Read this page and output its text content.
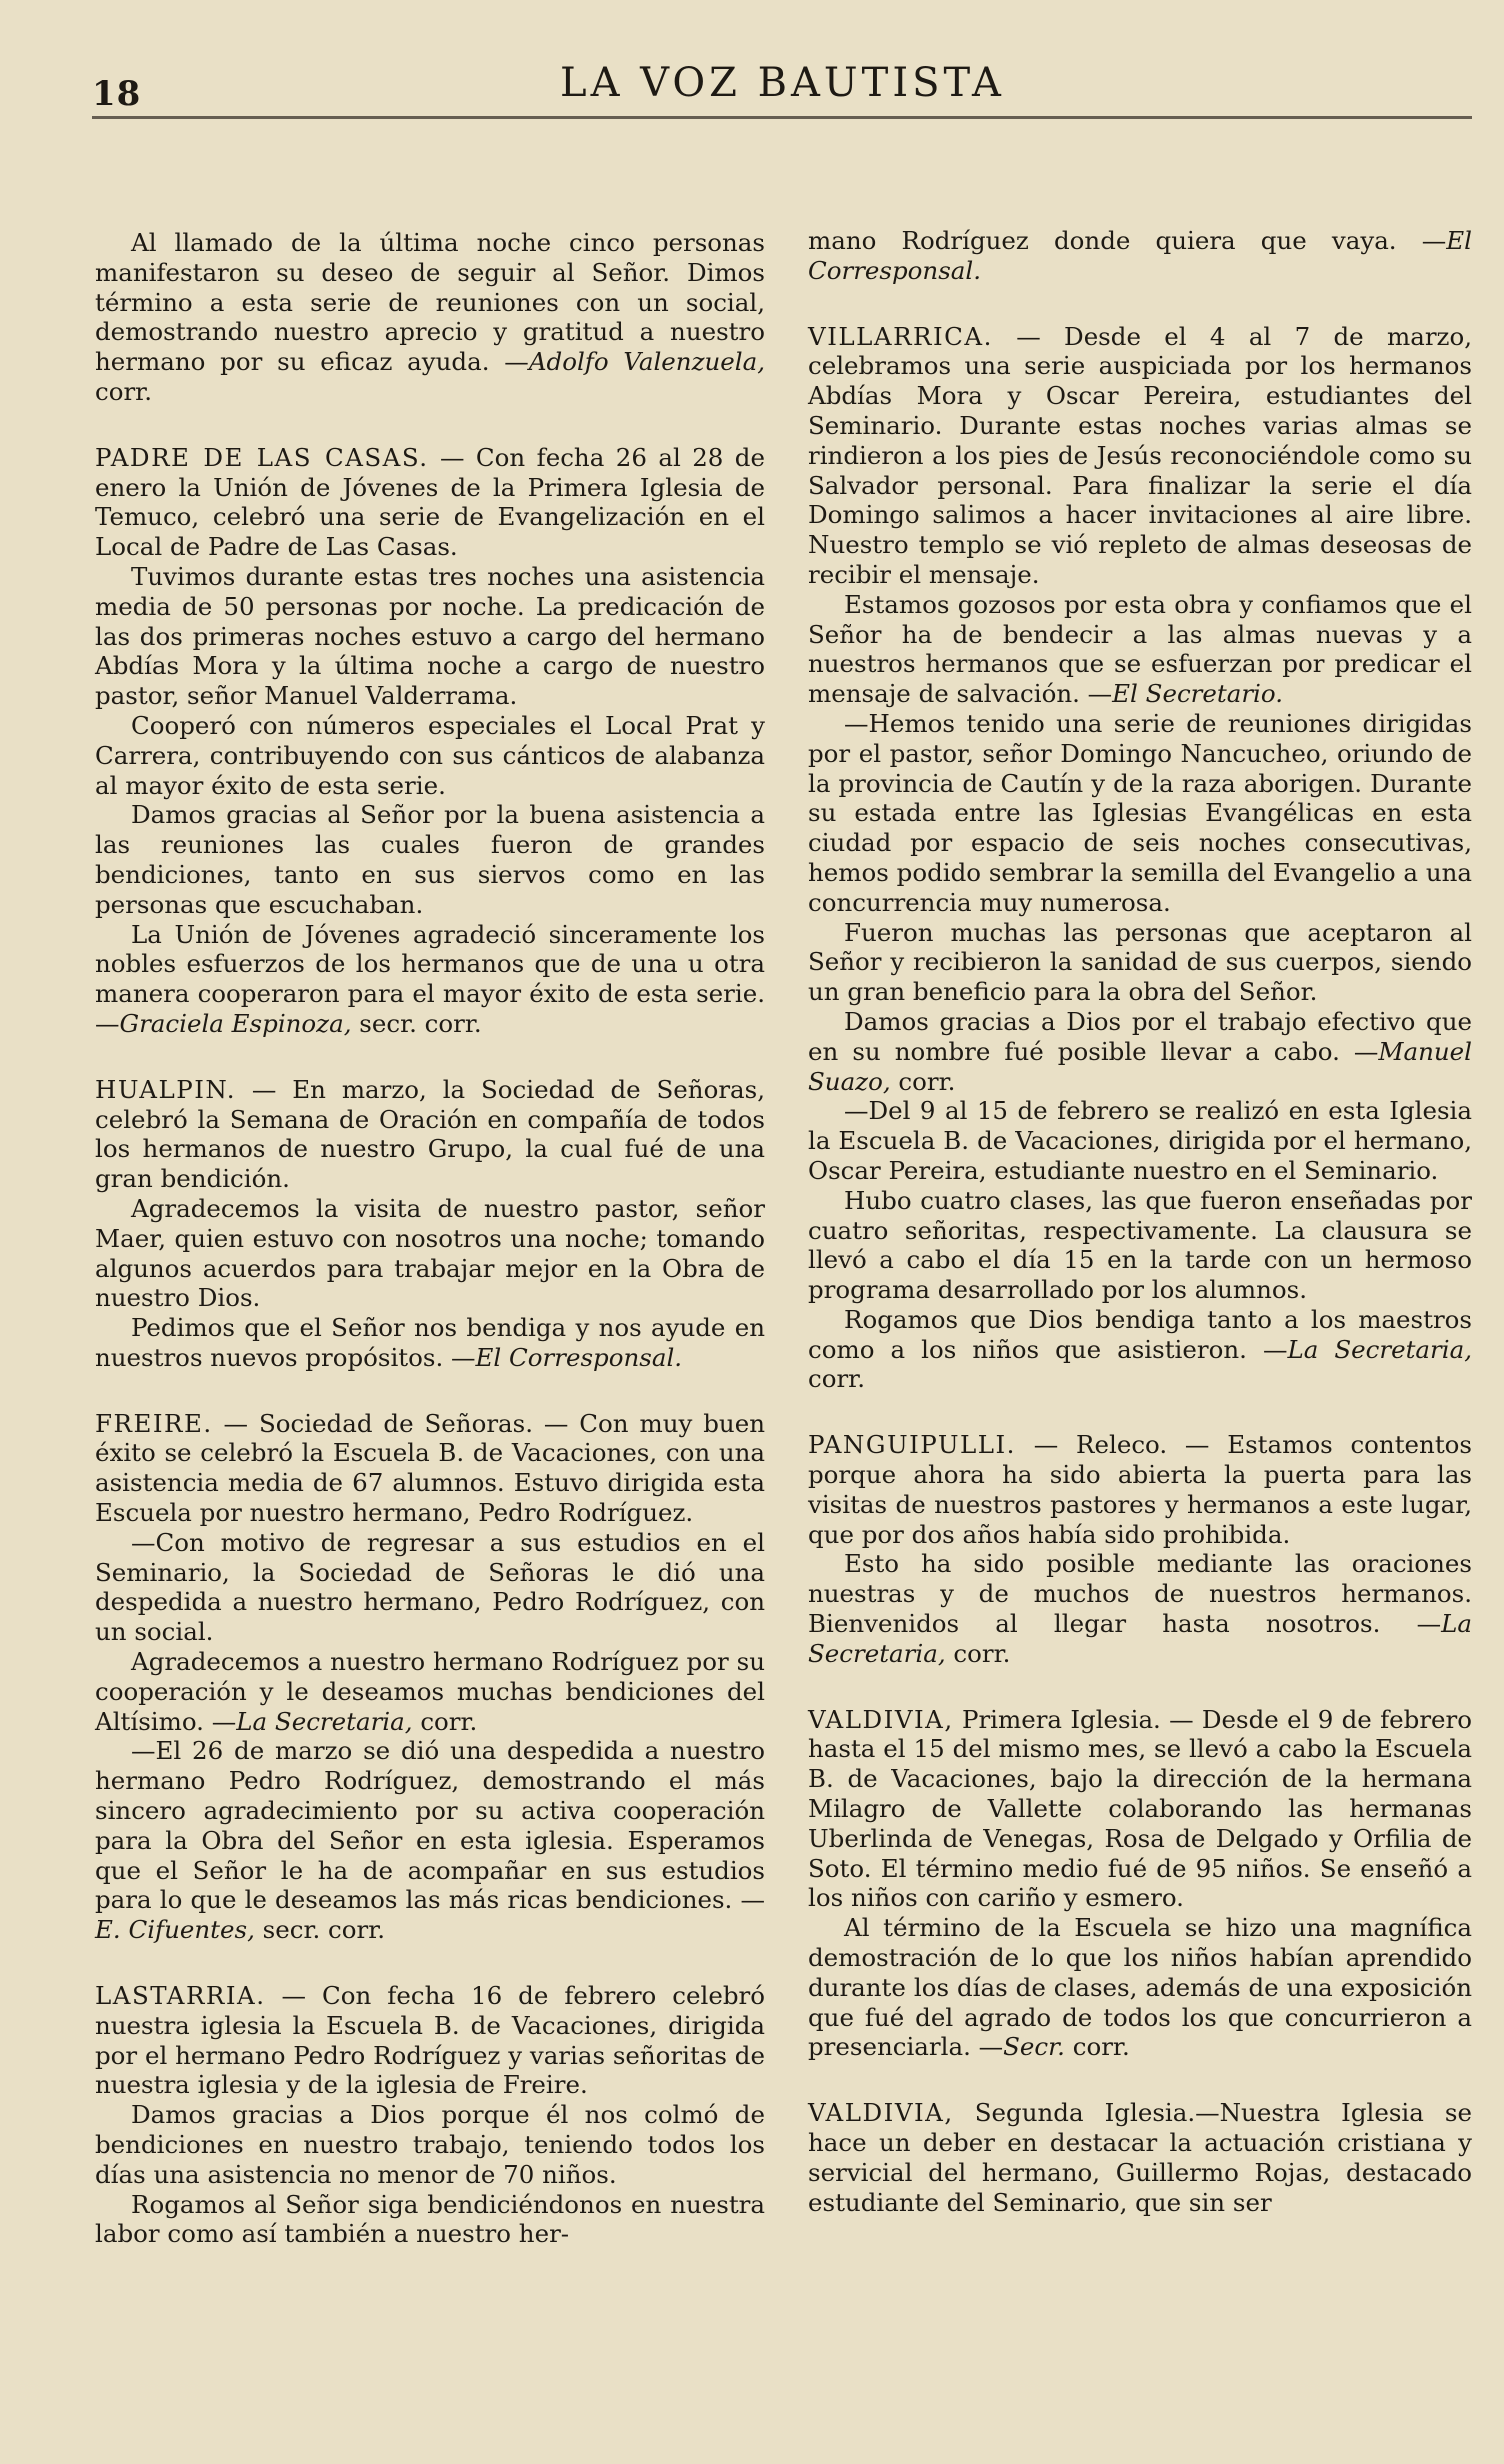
18	LA VOZ BAUTISTA

Al llamado de la última noche cinco personas manifestaron su deseo de seguir al Señor. Dimos término a esta serie de reuniones con un social, demostrando nuestro aprecio y gratitud a nuestro hermano por su eficaz ayuda. —Adolfo Valenzuela, corr.

PADRE DE LAS CASAS. — Con fecha 26 al 28 de enero la Unión de Jóvenes de la Primera Iglesia de Temuco, celebró una serie de Evangelización en el Local de Padre de Las Casas.

Tuvimos durante estas tres noches una asistencia media de 50 personas por noche. La predicación de las dos primeras noches estuvo a cargo del hermano Abdías Mora y la última noche a cargo de nuestro pastor, señor Manuel Valderrama.

Cooperó con números especiales el Local Prat y Carrera, contribuyendo con sus cánticos de alabanza al mayor éxito de esta serie.

Damos gracias al Señor por la buena asistencia a las reuniones las cuales fueron de grandes bendiciones, tanto en sus siervos como en las personas que escuchaban.

La Unión de Jóvenes agradeció sinceramente los nobles esfuerzos de los hermanos que de una u otra manera cooperaron para el mayor éxito de esta serie. —Graciela Espinoza, secr. corr.

HUALPIN. — En marzo, la Sociedad de Señoras, celebró la Semana de Oración en compañía de todos los hermanos de nuestro Grupo, la cual fué de una gran bendición.

Agradecemos la visita de nuestro pastor, señor Maer, quien estuvo con nosotros una noche; tomando algunos acuerdos para trabajar mejor en la Obra de nuestro Dios.

Pedimos que el Señor nos bendiga y nos ayude en nuestros nuevos propósitos. —El Corresponsal.

FREIRE. — Sociedad de Señoras. — Con muy buen éxito se celebró la Escuela B. de Vacaciones, con una asistencia media de 67 alumnos. Estuvo dirigida esta Escuela por nuestro hermano, Pedro Rodríguez.

—Con motivo de regresar a sus estudios en el Seminario, la Sociedad de Señoras le dió una despedida a nuestro hermano, Pedro Rodríguez, con un social.

Agradecemos a nuestro hermano Rodríguez por su cooperación y le deseamos muchas bendiciones del Altísimo. —La Secretaria, corr.

—El 26 de marzo se dió una despedida a nuestro hermano Pedro Rodríguez, demostrando el más sincero agradecimiento por su activa cooperación para la Obra del Señor en esta iglesia. Esperamos que el Señor le ha de acompañar en sus estudios para lo que le deseamos las más ricas bendiciones. —E. Cifuentes, secr. corr.

LASTARRIA. — Con fecha 16 de febrero celebró nuestra iglesia la Escuela B. de Vacaciones, dirigida por el hermano Pedro Rodríguez y varias señoritas de nuestra iglesia y de la iglesia de Freire.

Damos gracias a Dios porque él nos colmó de bendiciones en nuestro trabajo, teniendo todos los días una asistencia no menor de 70 niños.

Rogamos al Señor siga bendiciéndonos en nuestra labor como así también a nuestro her-

mano Rodríguez donde quiera que vaya. —El Corresponsal.

VILLARRICA. — Desde el 4 al 7 de marzo, celebramos una serie auspiciada por los hermanos Abdías Mora y Oscar Pereira, estudiantes del Seminario. Durante estas noches varias almas se rindieron a los pies de Jesús reconociéndole como su Salvador personal. Para finalizar la serie el día Domingo salimos a hacer invitaciones al aire libre. Nuestro templo se vió repleto de almas deseosas de recibir el mensaje.

Estamos gozosos por esta obra y confiamos que el Señor ha de bendecir a las almas nuevas y a nuestros hermanos que se esfuerzan por predicar el mensaje de salvación. —El Secretario.

—Hemos tenido una serie de reuniones dirigidas por el pastor, señor Domingo Nancucheo, oriundo de la provincia de Cautín y de la raza aborigen. Durante su estada entre las Iglesias Evangélicas en esta ciudad por espacio de seis noches consecutivas, hemos podido sembrar la semilla del Evangelio a una concurrencia muy numerosa.

Fueron muchas las personas que aceptaron al Señor y recibieron la sanidad de sus cuerpos, siendo un gran beneficio para la obra del Señor.

Damos gracias a Dios por el trabajo efectivo que en su nombre fué posible llevar a cabo. —Manuel Suazo, corr.

—Del 9 al 15 de febrero se realizó en esta Iglesia la Escuela B. de Vacaciones, dirigida por el hermano, Oscar Pereira, estudiante nuestro en el Seminario.

Hubo cuatro clases, las que fueron enseñadas por cuatro señoritas, respectivamente. La clausura se llevó a cabo el día 15 en la tarde con un hermoso programa desarrollado por los alumnos.

Rogamos que Dios bendiga tanto a los maestros como a los niños que asistieron. —La Secretaria, corr.

PANGUIPULLI. — Releco. — Estamos contentos porque ahora ha sido abierta la puerta para las visitas de nuestros pastores y hermanos a este lugar, que por dos años había sido prohibida.

Esto ha sido posible mediante las oraciones nuestras y de muchos de nuestros hermanos. Bienvenidos al llegar hasta nosotros. —La Secretaria, corr.

VALDIVIA, Primera Iglesia. — Desde el 9 de febrero hasta el 15 del mismo mes, se llevó a cabo la Escuela B. de Vacaciones, bajo la dirección de la hermana Milagro de Vallette colaborando las hermanas Uberlinda de Venegas, Rosa de Delgado y Orfilia de Soto. El término medio fué de 95 niños. Se enseñó a los niños con cariño y esmero.

Al término de la Escuela se hizo una magnífica demostración de lo que los niños habían aprendido durante los días de clases, además de una exposición que fué del agrado de todos los que concurrieron a presenciarla. —Secr. corr.

VALDIVIA, Segunda Iglesia.—Nuestra Iglesia se hace un deber en destacar la actuación cristiana y servicial del hermano, Guillermo Rojas, destacado estudiante del Seminario, que sin ser
